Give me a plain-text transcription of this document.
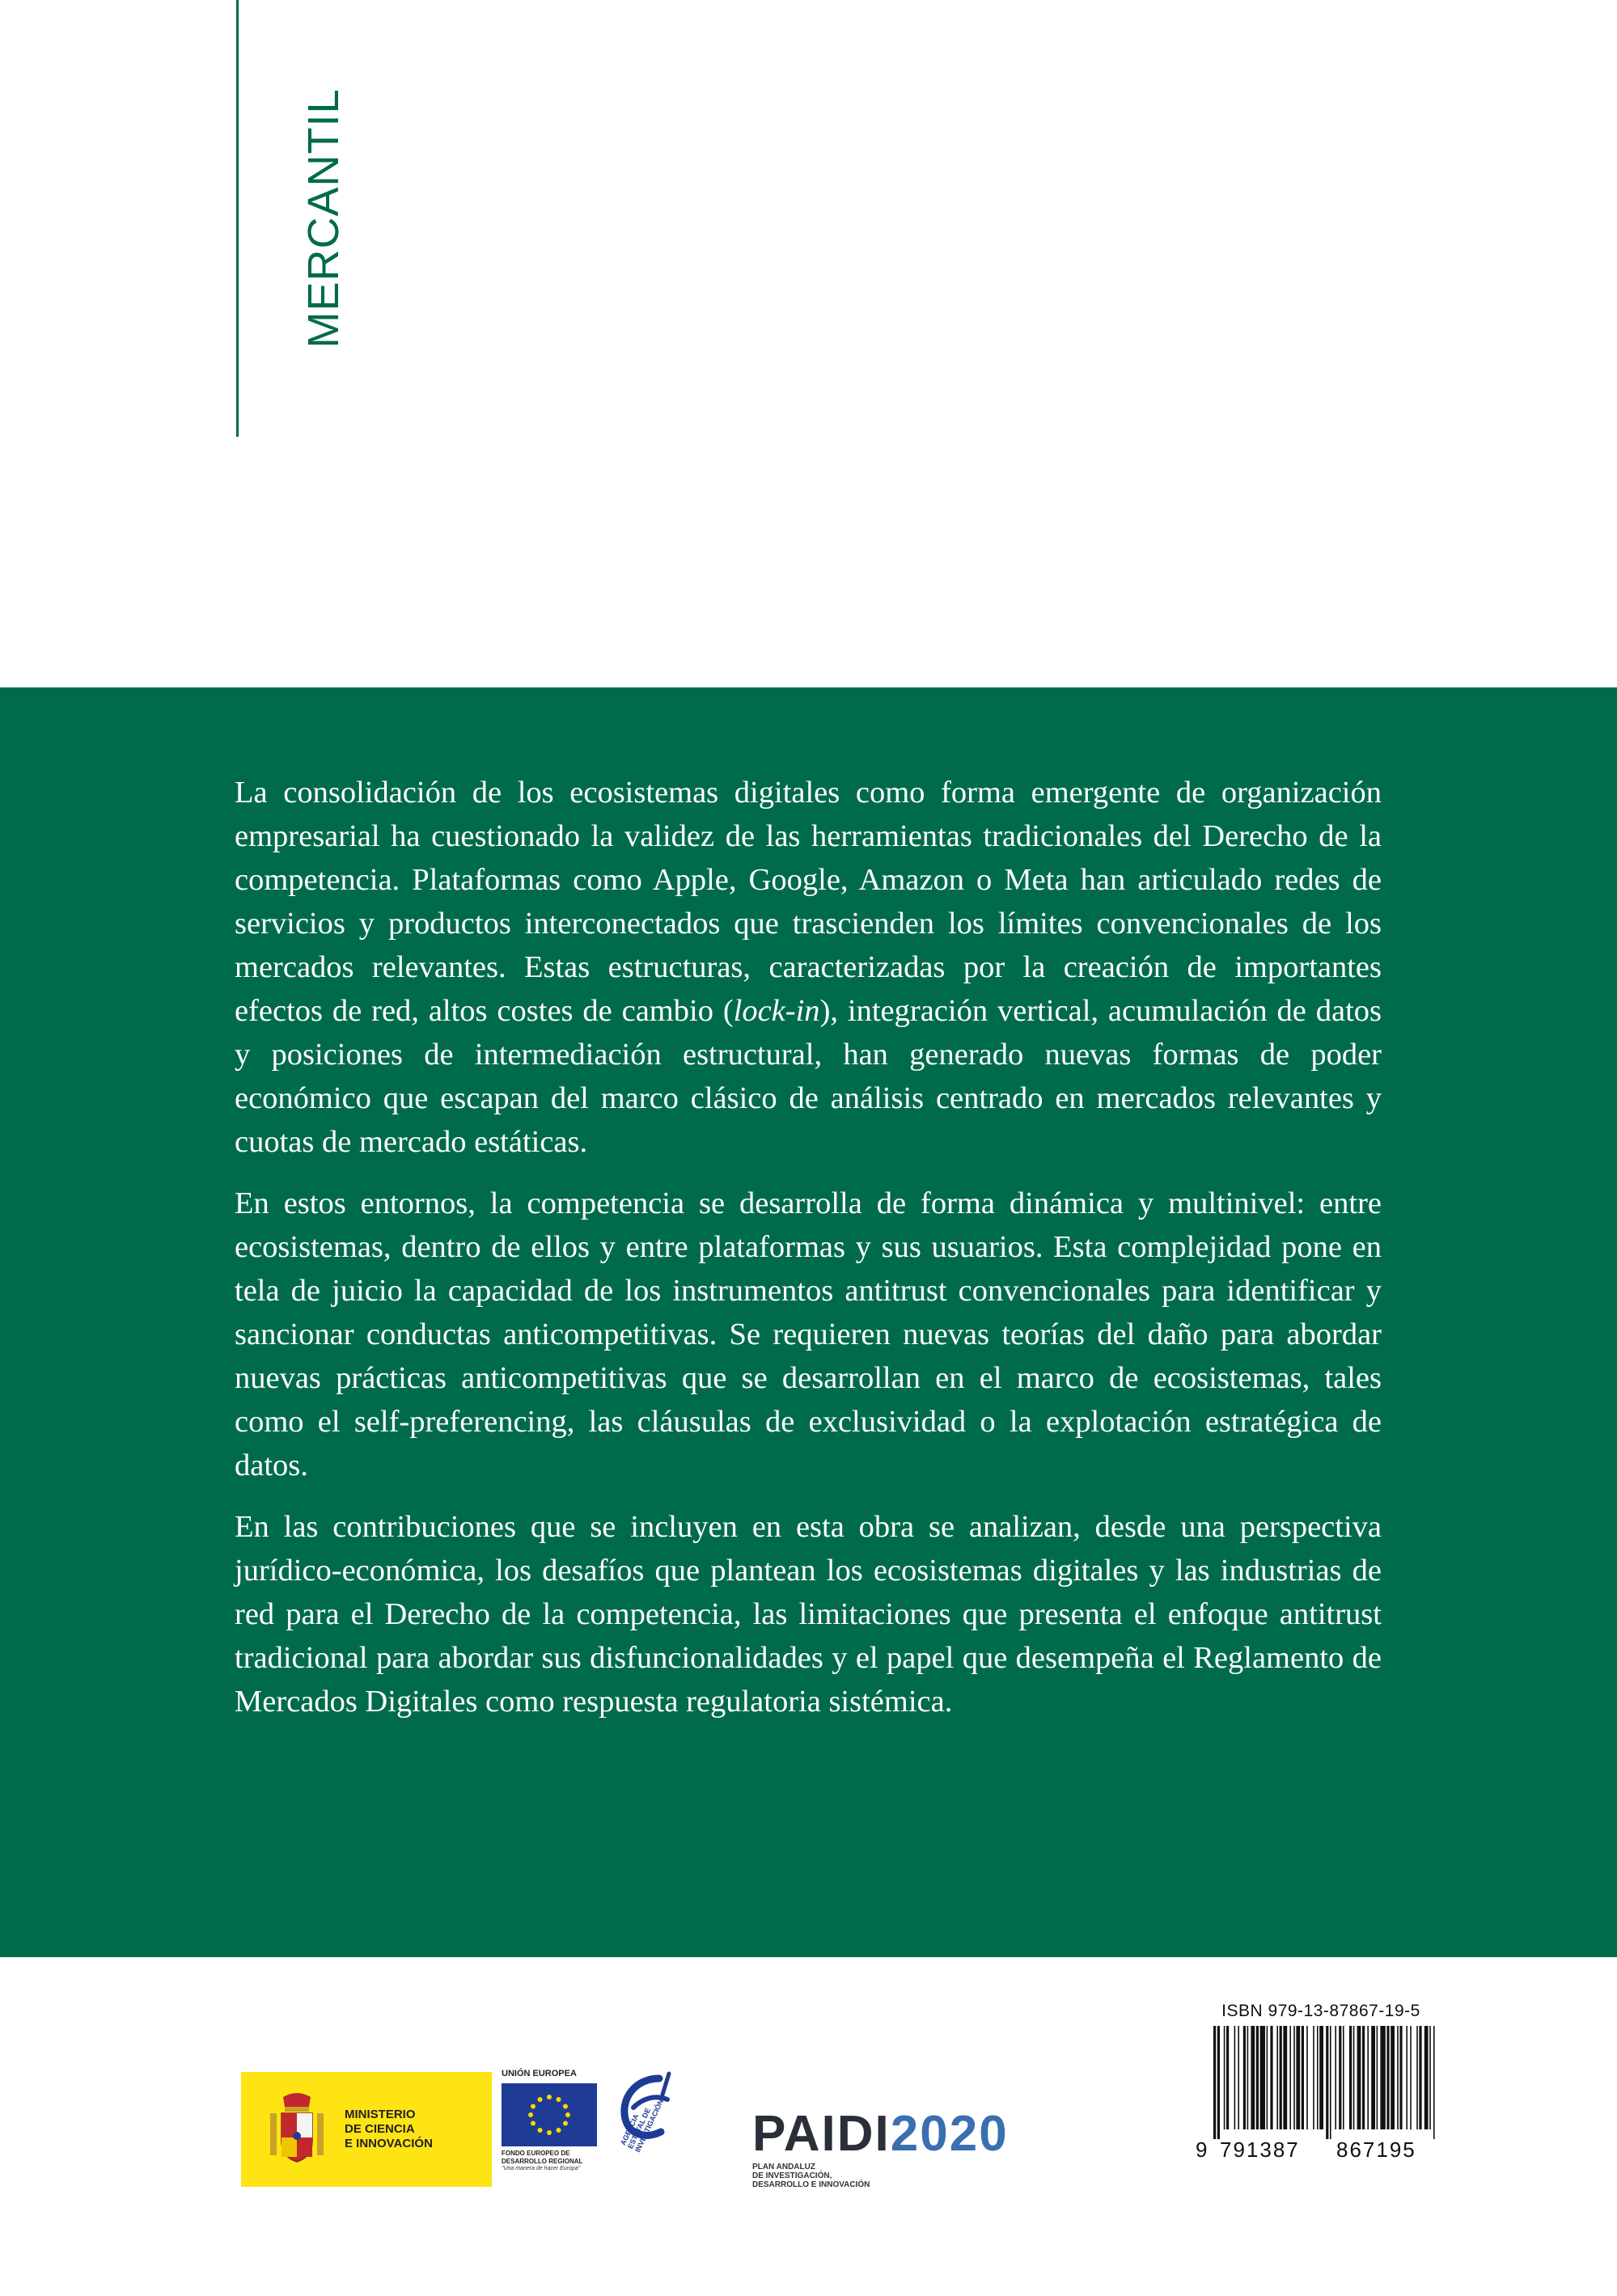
MERCANTIL

La consolidación de los ecosistemas digitales como forma emergente de organización empresarial ha cuestionado la validez de las herramientas tradicionales del Derecho de la competencia. Plataformas como Apple, Google, Amazon o Meta han articulado redes de servicios y productos interconectados que trascienden los límites convencionales de los mercados relevantes. Estas estructuras, caracterizadas por la creación de importantes efectos de red, altos costes de cambio (lock-in), integración vertical, acumulación de datos y posiciones de intermediación estructural, han generado nuevas formas de poder económico que escapan del marco clásico de análisis centrado en mercados relevantes y cuotas de mercado estáticas.

En estos entornos, la competencia se desarrolla de forma dinámica y multinivel: entre ecosistemas, dentro de ellos y entre plataformas y sus usuarios. Esta complejidad pone en tela de juicio la capacidad de los instrumentos antitrust convencionales para identificar y sancionar conductas anticompetitivas. Se requieren nuevas teorías del daño para abordar nuevas prácticas anticompetitivas que se desarrollan en el marco de ecosistemas, tales como el self-preferencing, las cláusulas de exclusividad o la explotación estratégica de datos.

En las contribuciones que se incluyen en esta obra se analizan, desde una perspectiva jurídico-económica, los desafíos que plantean los ecosistemas digitales y las industrias de red para el Derecho de la competencia, las limitaciones que presenta el enfoque antitrust tradicional para abordar sus disfuncionalidades y el papel que desempeña el Reglamento de Mercados Digitales como respuesta regulatoria sistémica.

MINISTERIO
DE CIENCIA
E INNOVACIÓN
UNIÓN EUROPEA
FONDO EUROPEO DE
DESARROLLO REGIONAL
"Una manera de hacer Europa"
AGENCIA
ESTATAL DE
INVESTIGACIÓN PAIDI2020
PLAN ANDALUZ
DE INVESTIGACIÓN,
DESARROLLO E INNOVACIÓN
ISBN 979-13-87867-19-5
9 791387 867195
